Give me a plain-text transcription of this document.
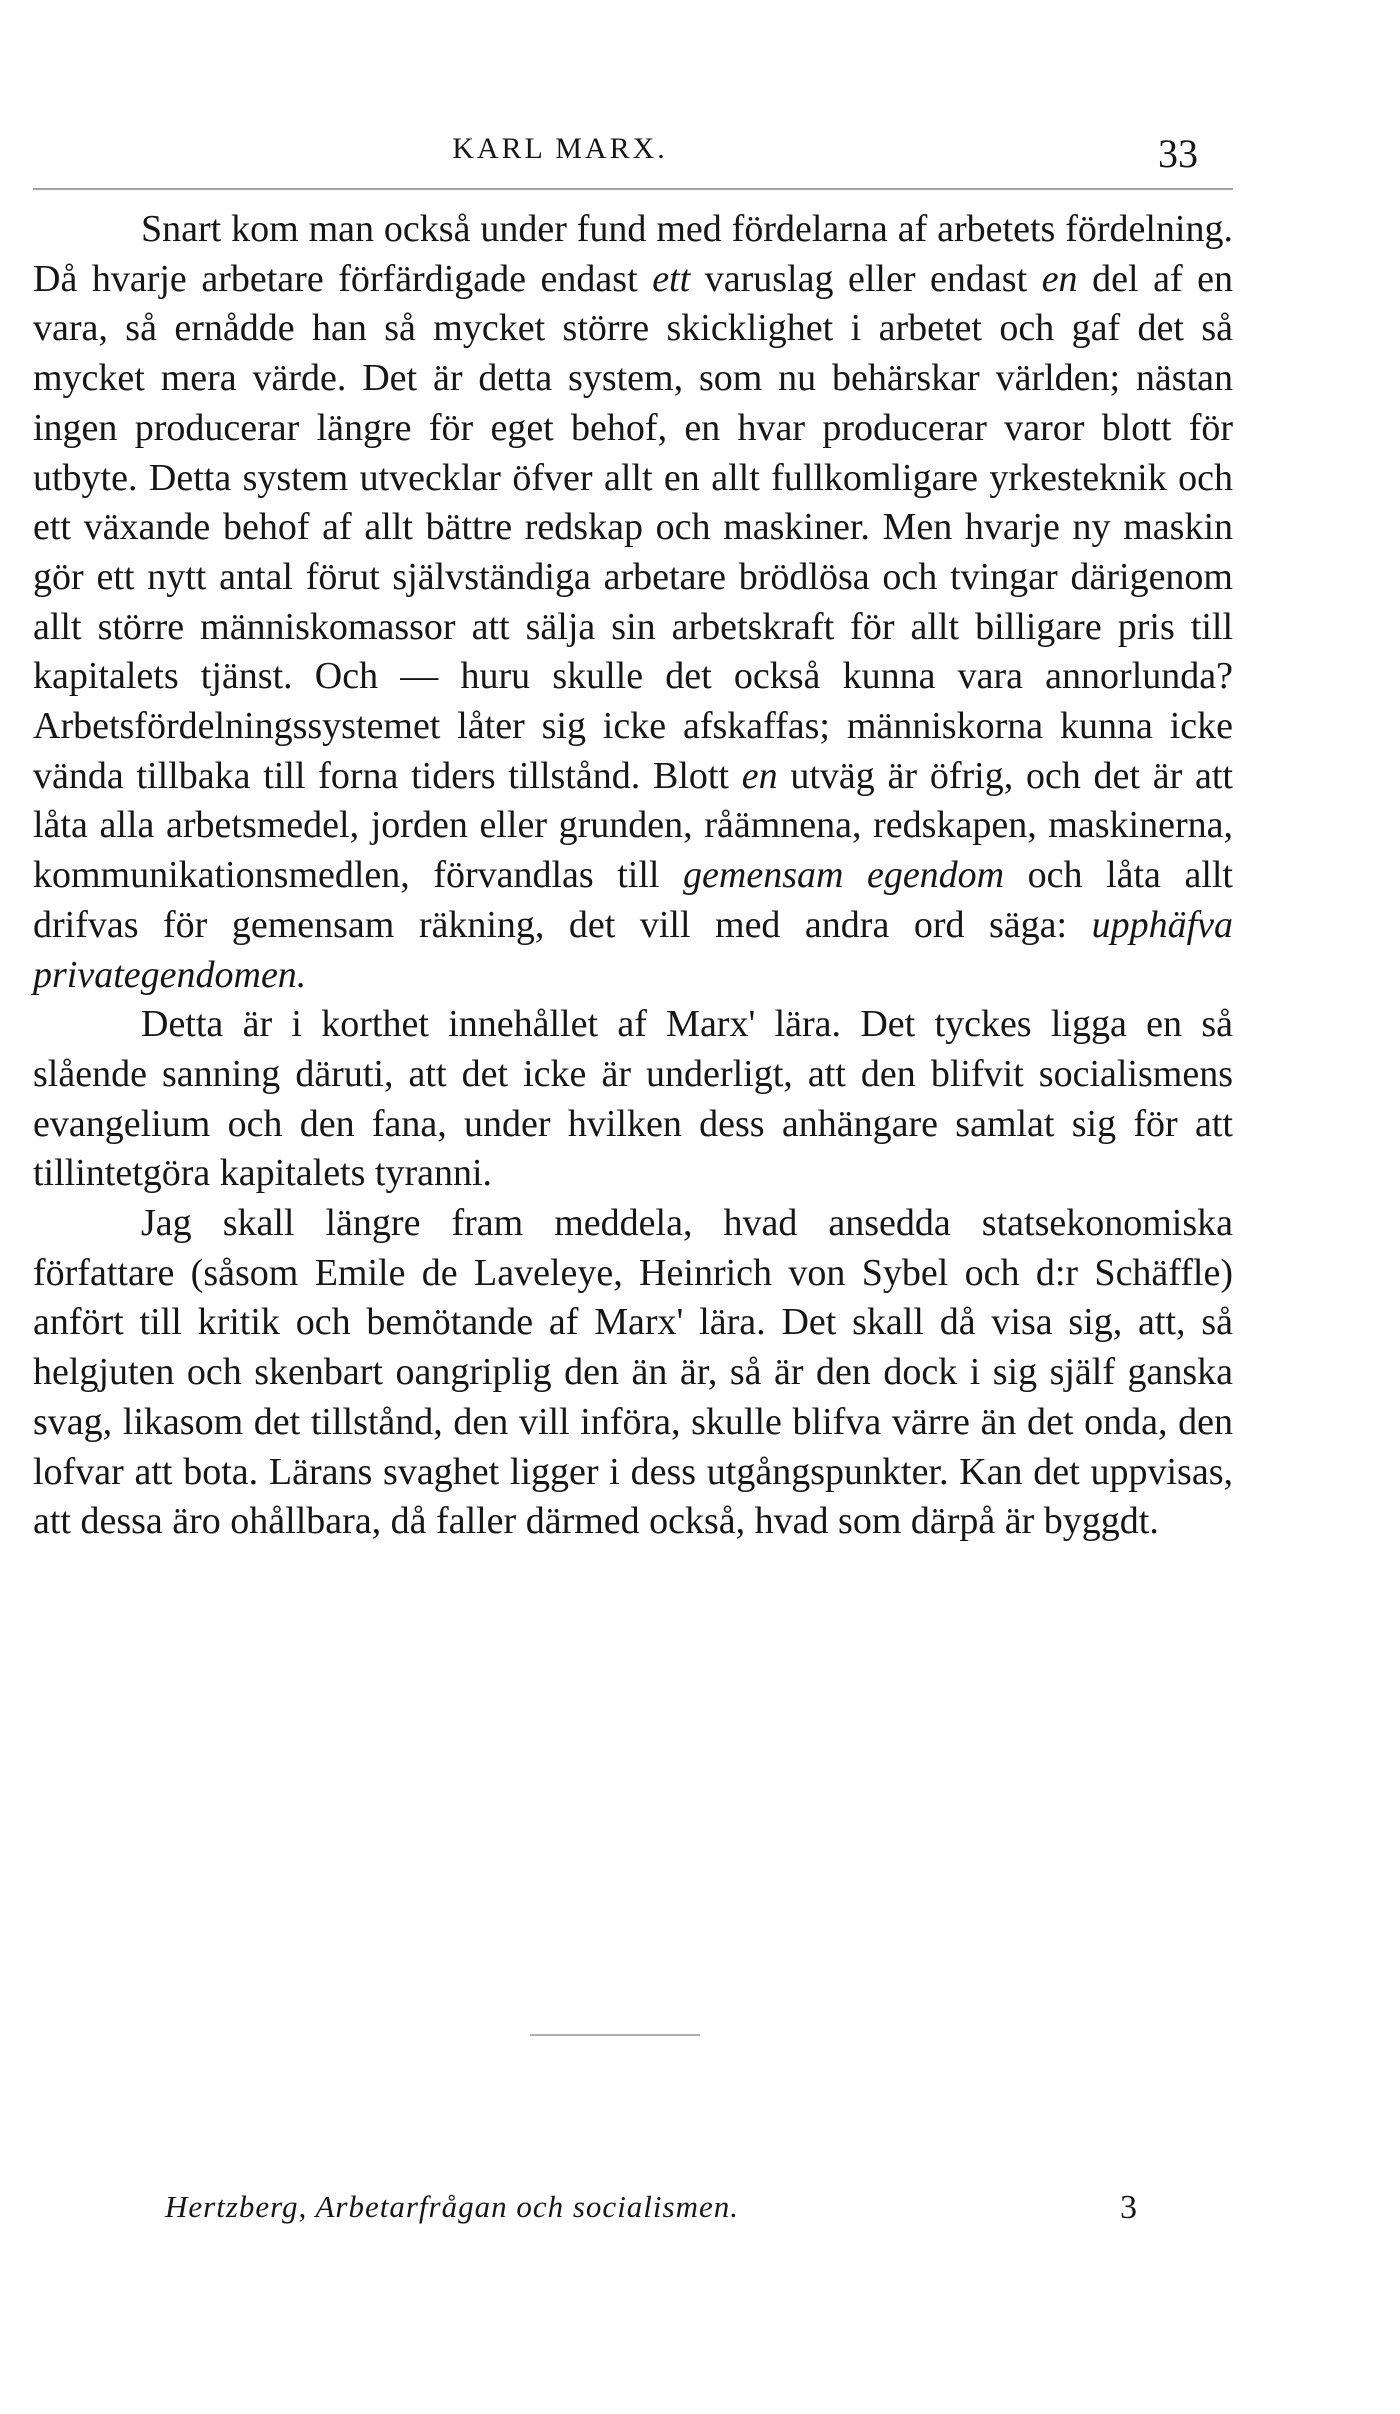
KARL MARX.	33

Snart kom man också under fund med fördelarna af arbetets fördelning. Då hvarje arbetare förfärdigade endast ett varuslag eller endast en del af en vara, så ernådde han så mycket större skicklighet i arbetet och gaf det så mycket mera värde. Det är detta system, som nu behärskar världen; nästan ingen producerar längre för eget behof, en hvar producerar varor blott för utbyte. Detta system utvecklar öfver allt en allt fullkomligare yrkesteknik och ett växande behof af allt bättre redskap och maskiner. Men hvarje ny maskin gör ett nytt antal förut självständiga arbetare brödlösa och tvingar därigenom allt större människomassor att sälja sin arbetskraft för allt billigare pris till kapitalets tjänst. Och — huru skulle det också kunna vara annorlunda? Arbetsfördelningssystemet låter sig icke afskaffas; människorna kunna icke vända tillbaka till forna tiders tillstånd. Blott en utväg är öfrig, och det är att låta alla arbetsmedel, jorden eller grunden, råämnena, redskapen, maskinerna, kommunikationsmedlen, förvandlas till gemensam egendom och låta allt drifvas för gemensam räkning, det vill med andra ord säga: upphäfva privategendomen.

Detta är i korthet innehållet af Marx' lära. Det tyckes ligga en så slående sanning däruti, att det icke är underligt, att den blifvit socialismens evangelium och den fana, under hvilken dess anhängare samlat sig för att tillintetgöra kapitalets tyranni.

Jag skall längre fram meddela, hvad ansedda statsekonomiska författare (såsom Emile de Laveleye, Heinrich von Sybel och d:r Schäffle) anfört till kritik och bemötande af Marx' lära. Det skall då visa sig, att, så helgjuten och skenbart oangriplig den än är, så är den dock i sig själf ganska svag, likasom det tillstånd, den vill införa, skulle blifva värre än det onda, den lofvar att bota. Lärans svaghet ligger i dess utgångspunkter. Kan det uppvisas, att dessa äro ohållbara, då faller därmed också, hvad som därpå är byggdt.

Hertzberg, Arbetarfrågan och socialismen.	3
